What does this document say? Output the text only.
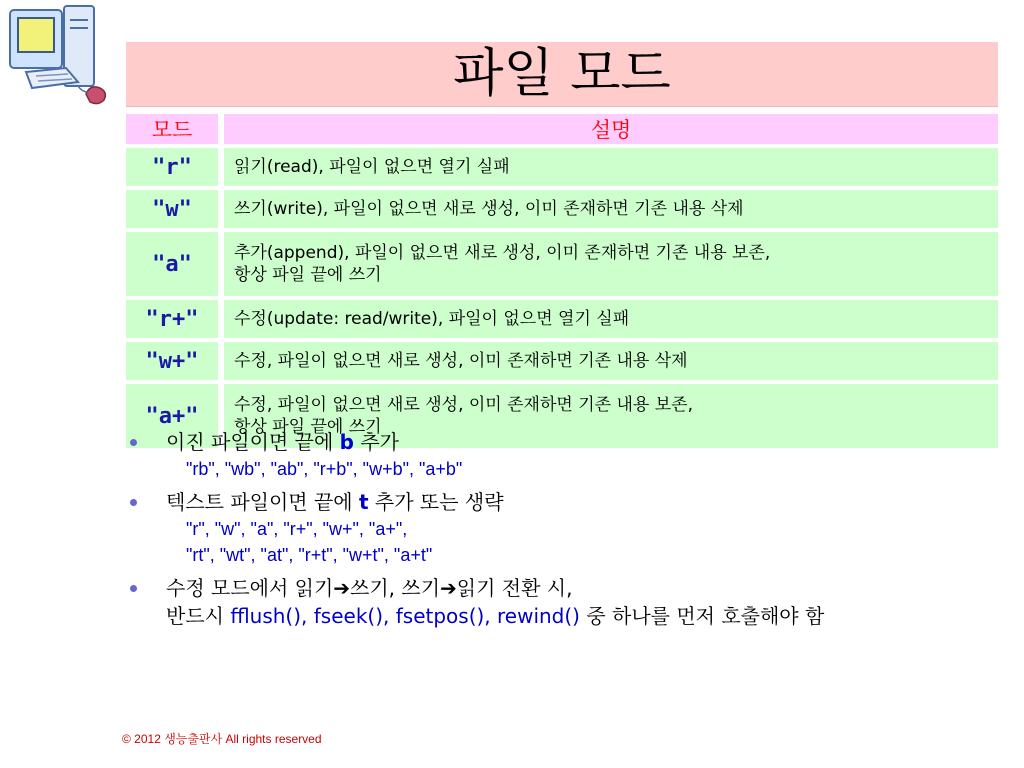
파일 모드
모드		설명
"r"		읽기(read), 파일이 없으면 열기 실패
"w"		쓰기(write), 파일이 없으면 새로 생성, 이미 존재하면 기존 내용 삭제
"a"		추가(append), 파일이 없으면 새로 생성, 이미 존재하면 기존 내용 보존,
항상 파일 끝에 쓰기

"r+"		수정(update: read/write), 파일이 없으면 열기 실패
"w+"		수정, 파일이 없으면 새로 생성, 이미 존재하면 기존 내용 삭제
"a+"		수정, 파일이 없으면 새로 생성, 이미 존재하면 기존 내용 보존,
항상 파일 끝에 쓰기
이진 파일이면 끝에 b 추가
"rb", "wb", "ab", "r+b", "w+b", "a+b"
텍스트 파일이면 끝에 t 추가 또는 생략
"r", "w", "a", "r+", "w+", "a+",
"rt", "wt", "at", "r+t", "w+t", "a+t"
수정 모드에서 읽기➔쓰기, 쓰기➔읽기 전환 시,
반드시 fflush(), fseek(), fsetpos(), rewind() 중 하나를 먼저 호출해야 함
© 2012 생능출판사 All rights reserved
